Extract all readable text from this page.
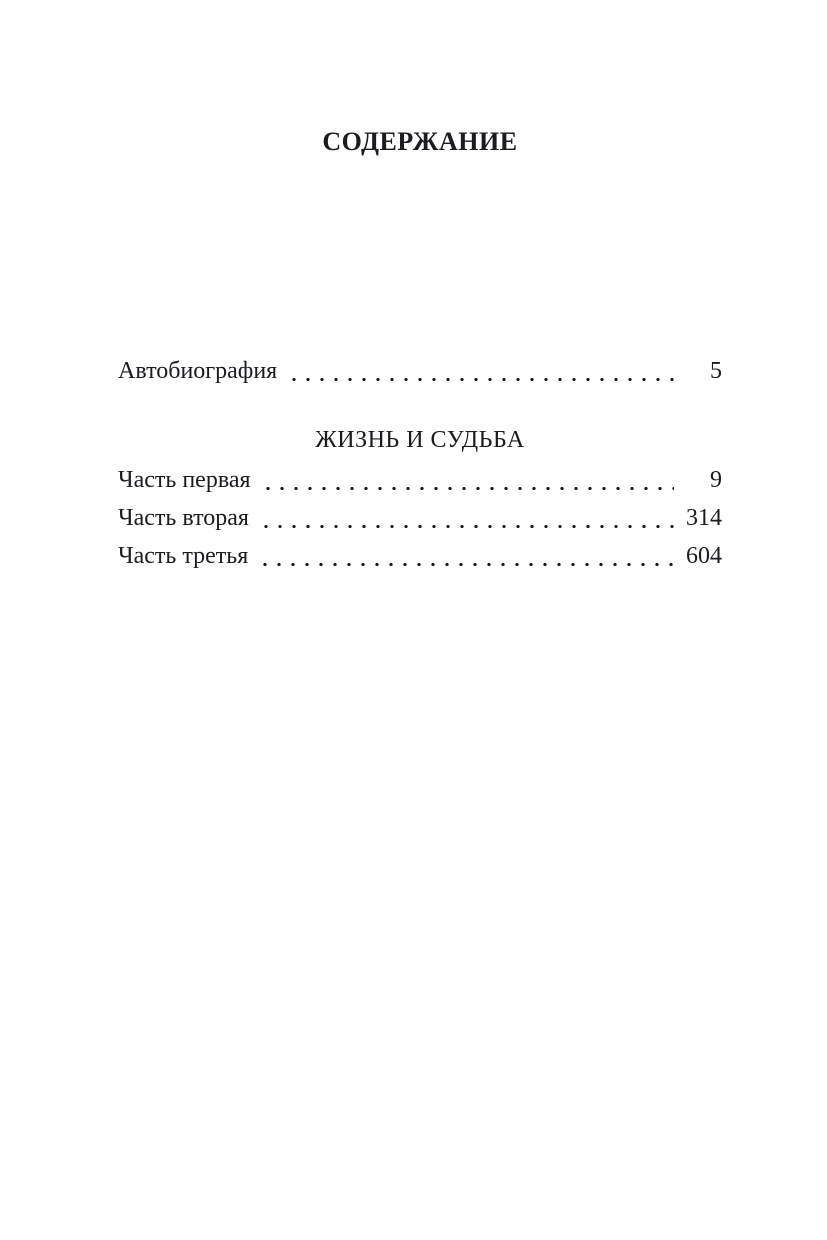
СОДЕРЖАНИЕ
Автобиография	5
ЖИЗНЬ И СУДЬБА
Часть первая	9
Часть вторая	314
Часть третья	604
